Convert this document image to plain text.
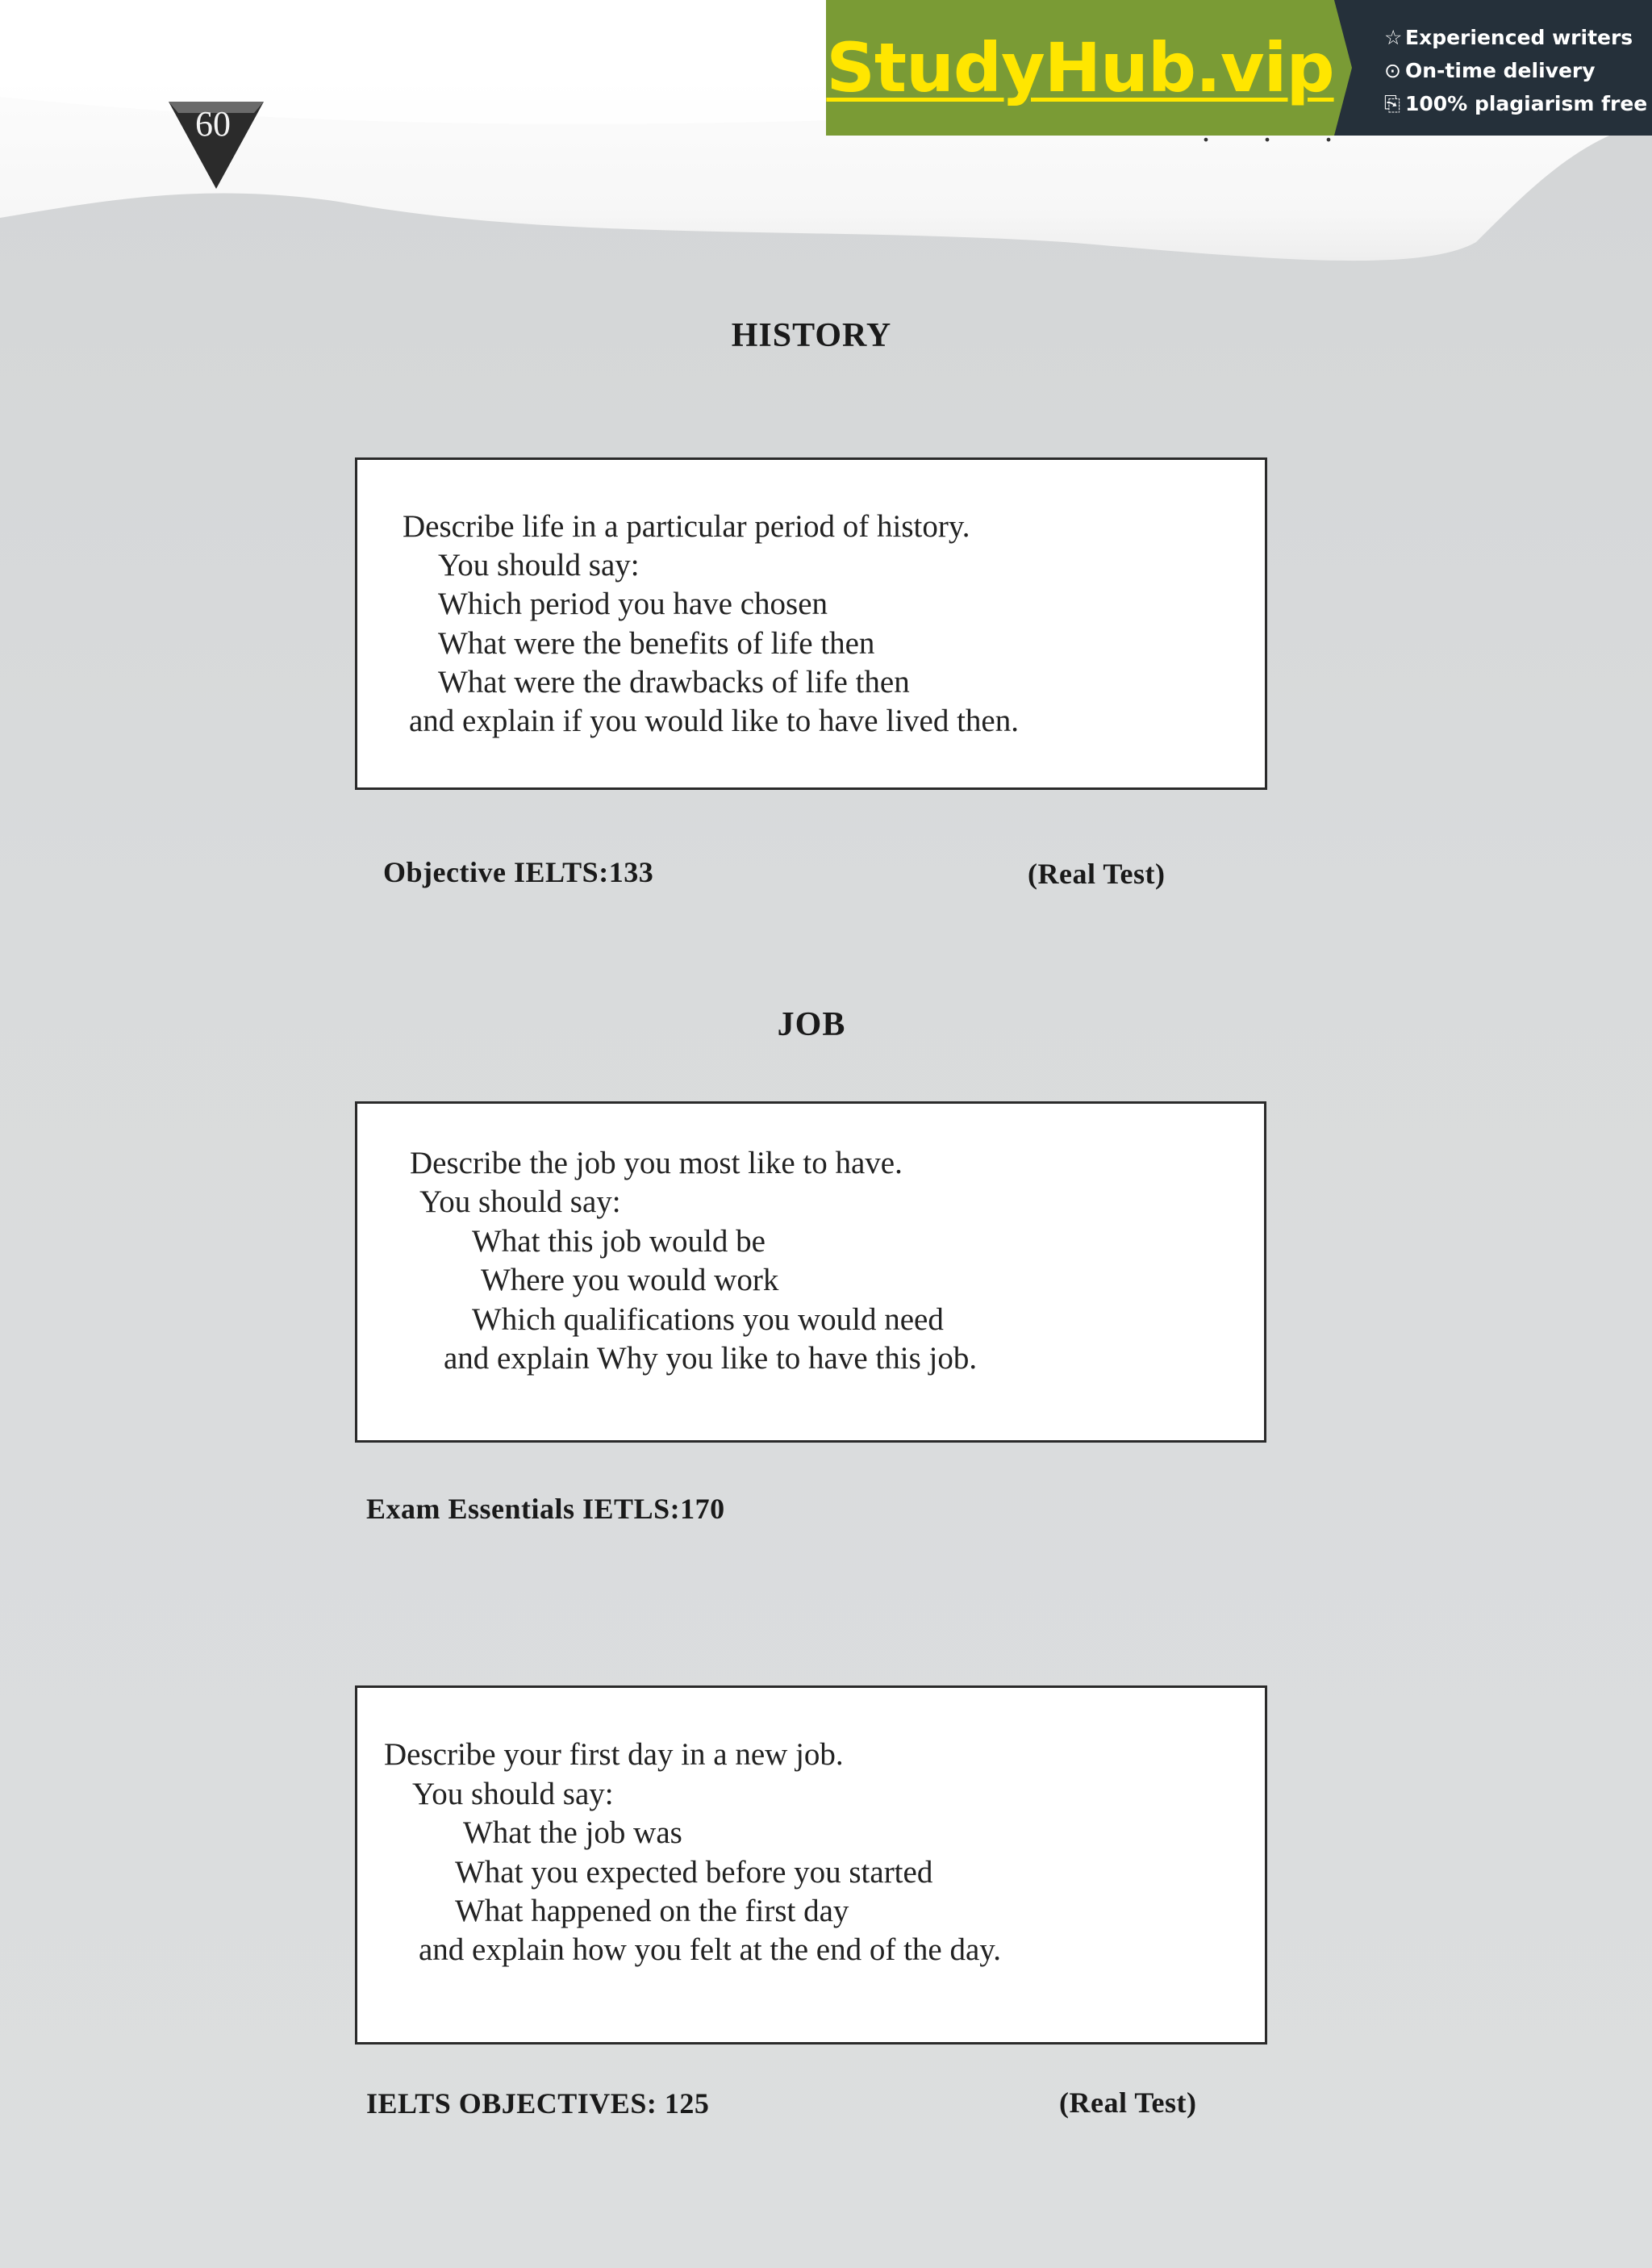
60
StudyHub.vip ☆ Experienced writers
⊙ On-time delivery
⎘ 100% plagiarism free
HISTORY
Describe life in a particular period of history.
You should say:
Which period you have chosen
What were the benefits of life then
What were the drawbacks of life then
and explain if you would like to have lived then.
Objective IELTS:133	(Real Test)
JOB
Describe the job you most like to have.
You should say:
What this job would be
Where you would work
Which qualifications you would need
and explain Why you like to have this job.
Exam Essentials IETLS:170
Describe your first day in a new job.
You should say:
What the job was
What you expected before you started
What happened on the first day
and explain how you felt at the end of the day.
IELTS OBJECTIVES: 125	(Real Test)
